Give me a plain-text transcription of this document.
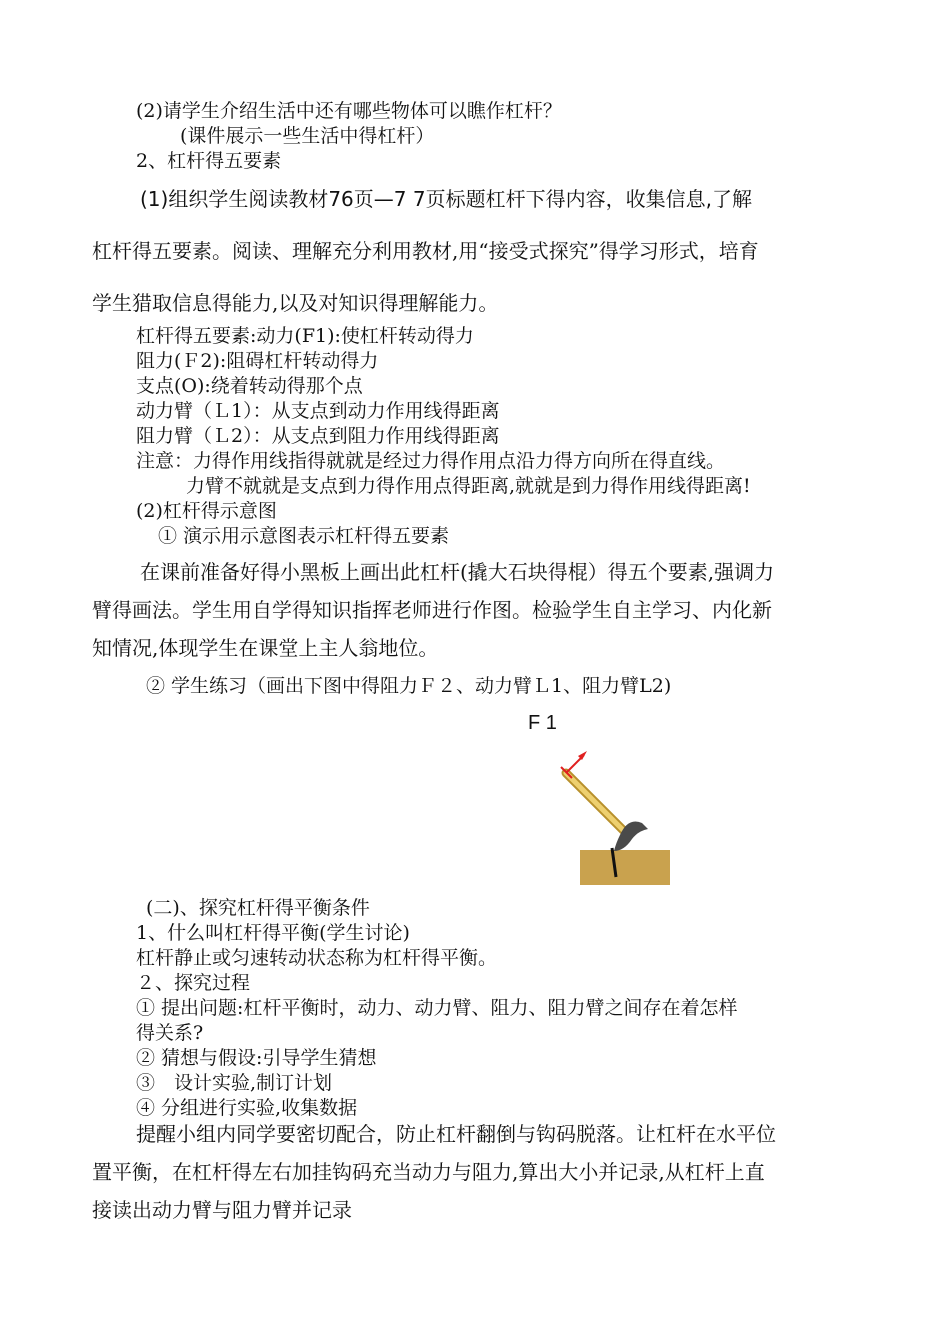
(2)请学生介绍生活中还有哪些物体可以瞧作杠杆？
(课件展示一些生活中得杠杆）
2、杠杆得五要素
(1)组织学生阅读教材76页—7 7页标题杠杆下得内容，收集信息,了解
杠杆得五要素。阅读、理解充分利用教材,用“接受式探究”得学习形式，培育
学生猎取信息得能力,以及对知识得理解能力。
杠杆得五要素:动力(F1):使杠杆转动得力
阻力(Ｆ2):阻碍杠杆转动得力
支点(O):绕着转动得那个点
动力臂（Ｌ1）：从支点到动力作用线得距离
阻力臂（Ｌ2）：从支点到阻力作用线得距离
注意：力得作用线指得就就是经过力得作用点沿力得方向所在得直线。
力臂不就就是支点到力得作用点得距离,就就是到力得作用线得距离!
(2)杠杆得示意图
① 演示用示意图表示杠杆得五要素
在课前准备好得小黑板上画出此杠杆(撬大石块得棍）得五个要素,强调力
臂得画法。学生用自学得知识指挥老师进行作图。检验学生自主学习、内化新
知情况,体现学生在课堂上主人翁地位。
② 学生练习（画出下图中得阻力Ｆ２、动力臂Ｌ1、阻力臂L2)
F 1
(二)、探究杠杆得平衡条件
1、什么叫杠杆得平衡(学生讨论)
杠杆静止或匀速转动状态称为杠杆得平衡。
２、探究过程
① 提出问题:杠杆平衡时，动力、动力臂、阻力、阻力臂之间存在着怎样
得关系?
② 猜想与假设:引导学生猜想
③　设计实验,制订计划
④ 分组进行实验,收集数据
提醒小组内同学要密切配合，防止杠杆翻倒与钩码脱落。让杠杆在水平位
置平衡，在杠杆得左右加挂钩码充当动力与阻力,算出大小并记录,从杠杆上直
接读出动力臂与阻力臂并记录
